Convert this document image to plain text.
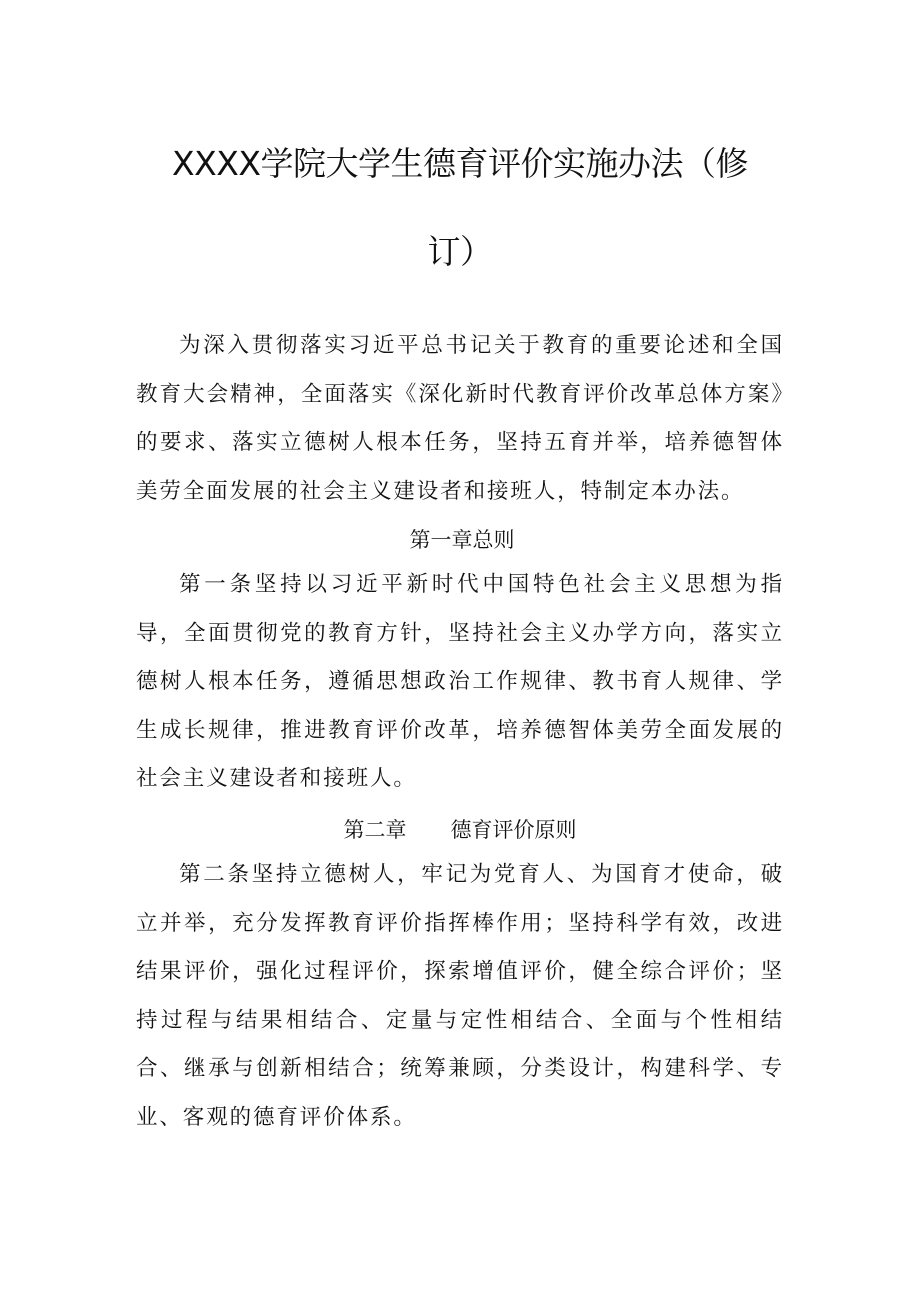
XXXX学院大学生德育评价实施办法（修
订）

为深入贯彻落实习近平总书记关于教育的重要论述和全国教育大会精神，全面落实《深化新时代教育评价改革总体方案》的要求、落实立德树人根本任务，坚持五育并举，培养德智体美劳全面发展的社会主义建设者和接班人，特制定本办法。

第一章总则

第一条坚持以习近平新时代中国特色社会主义思想为指导，全面贯彻党的教育方针，坚持社会主义办学方向，落实立德树人根本任务，遵循思想政治工作规律、教书育人规律、学生成长规律，推进教育评价改革，培养德智体美劳全面发展的社会主义建设者和接班人。

第二章 德育评价原则

第二条坚持立德树人，牢记为党育人、为国育才使命，破立并举，充分发挥教育评价指挥棒作用；坚持科学有效，改进结果评价，强化过程评价，探索增值评价，健全综合评价；坚持过程与结果相结合、定量与定性相结合、全面与个性相结合、继承与创新相结合；统筹兼顾，分类设计，构建科学、专业、客观的德育评价体系。
